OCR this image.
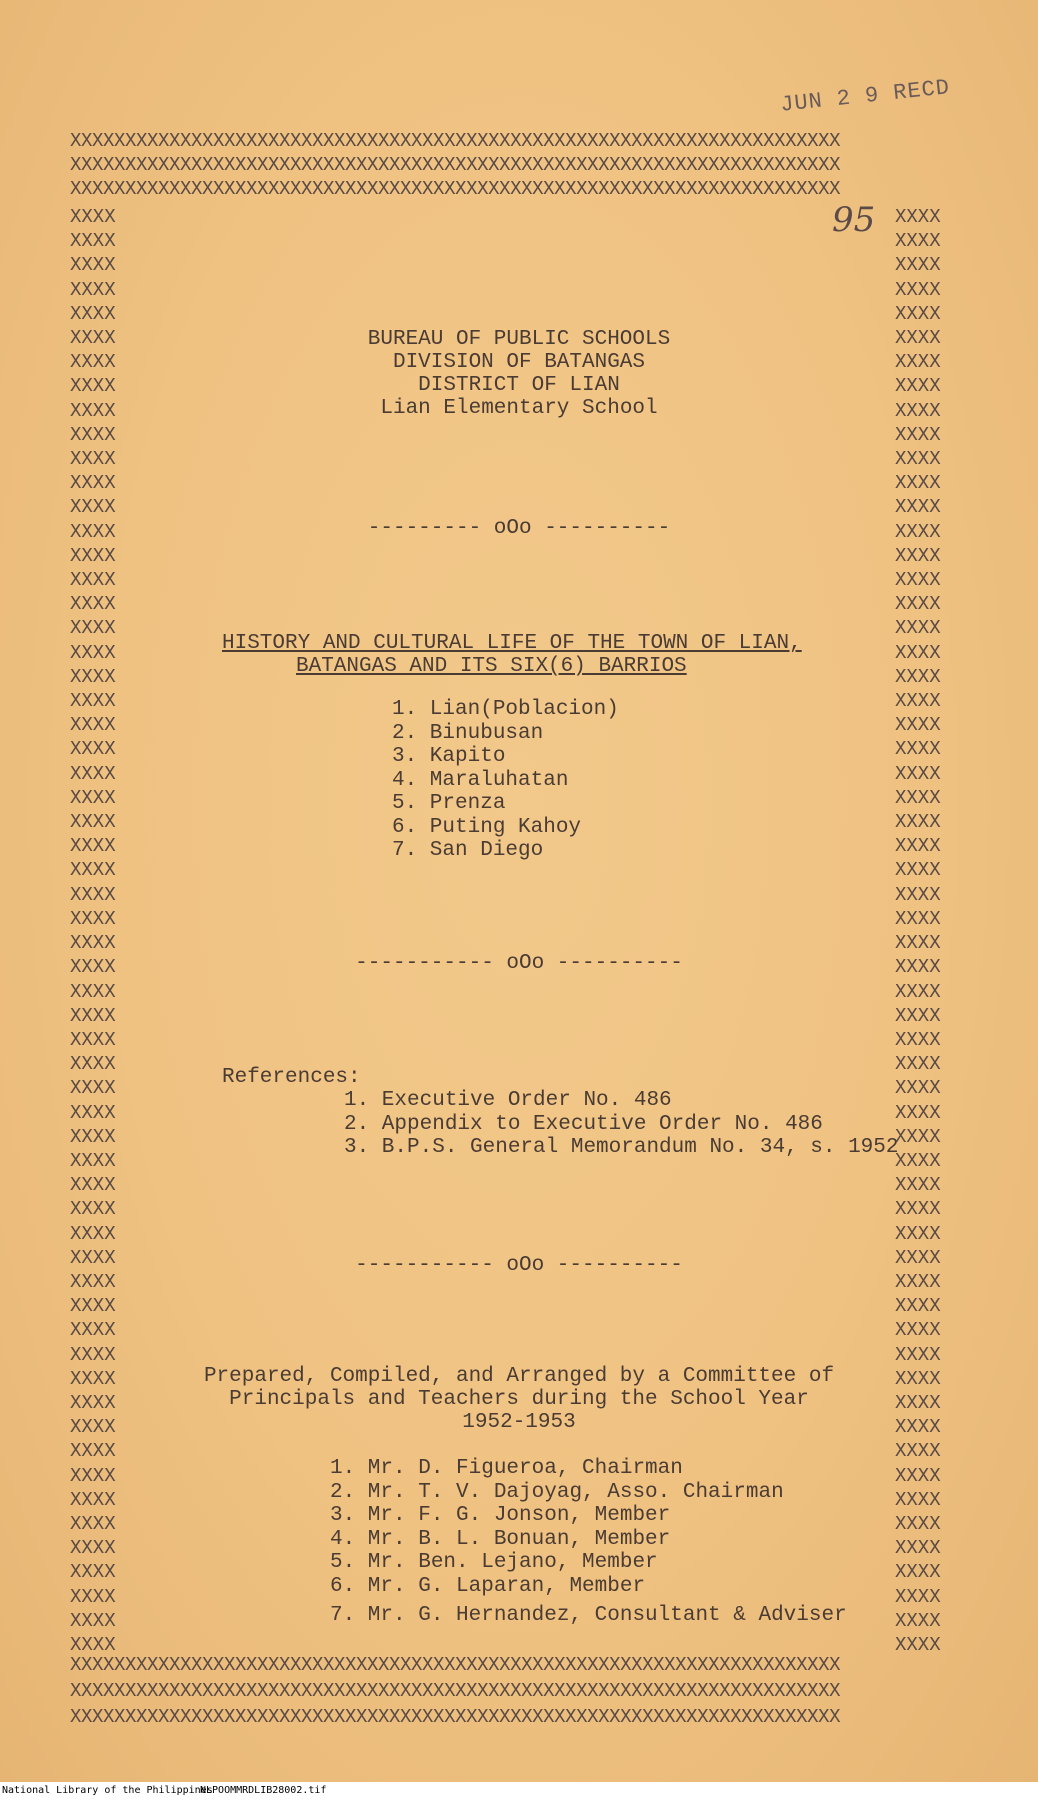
XXXXXXXXXXXXXXXXXXXXXXXXXXXXXXXXXXXXXXXXXXXXXXXXXXXXXXXXXXXXXXXXXXXXXX
XXXXXXXXXXXXXXXXXXXXXXXXXXXXXXXXXXXXXXXXXXXXXXXXXXXXXXXXXXXXXXXXXXXXXX
XXXXXXXXXXXXXXXXXXXXXXXXXXXXXXXXXXXXXXXXXXXXXXXXXXXXXXXXXXXXXXXXXXXXXX
XXXX
XXXX
XXXX
XXXX
XXXX
XXXX
XXXX
XXXX
XXXX
XXXX
XXXX
XXXX
XXXX
XXXX
XXXX
XXXX
XXXX
XXXX
XXXX
XXXX
XXXX
XXXX
XXXX
XXXX
XXXX
XXXX
XXXX
XXXX
XXXX
XXXX
XXXX
XXXX
XXXX
XXXX
XXXX
XXXX
XXXX
XXXX
XXXX
XXXX
XXXX
XXXX
XXXX
XXXX
XXXX
XXXX
XXXX
XXXX
XXXX
XXXX
XXXX
XXXX
XXXX
XXXX
XXXX
XXXX
XXXX
XXXX
XXXX
XXXX
XXXX
XXXX
XXXX
XXXX
XXXX
XXXX
XXXX
XXXX
XXXX
XXXX
XXXX
XXXX
XXXX
XXXX
XXXX
XXXX
XXXX
XXXX
XXXX
XXXX
XXXX
XXXX
XXXX
XXXX
XXXX
XXXX
XXXX
XXXX
XXXX
XXXX
XXXX
XXXX
XXXX
XXXX
XXXX
XXXX
XXXX
XXXX
XXXX
XXXX
XXXX
XXXX
XXXX
XXXX
XXXX
XXXX
XXXX
XXXX
XXXX
XXXX
XXXX
XXXX
XXXX
XXXX
XXXX
XXXX
XXXX
XXXX
XXXX
XXXX
XXXXXXXXXXXXXXXXXXXXXXXXXXXXXXXXXXXXXXXXXXXXXXXXXXXXXXXXXXXXXXXXXXXXXX
XXXXXXXXXXXXXXXXXXXXXXXXXXXXXXXXXXXXXXXXXXXXXXXXXXXXXXXXXXXXXXXXXXXXXX
XXXXXXXXXXXXXXXXXXXXXXXXXXXXXXXXXXXXXXXXXXXXXXXXXXXXXXXXXXXXXXXXXXXXXX
JUN 2 9 RECD
95
BUREAU OF PUBLIC SCHOOLS
DIVISION OF BATANGAS
DISTRICT OF LIAN
Lian Elementary School
--------- oOo ----------
HISTORY AND CULTURAL LIFE OF THE TOWN OF LIAN,
BATANGAS AND ITS SIX(6) BARRIOS
1. Lian(Poblacion)
2. Binubusan
3. Kapito
4. Maraluhatan
5. Prenza
6. Puting Kahoy
7. San Diego
----------- oOo ----------
References:
1. Executive Order No. 486
2. Appendix to Executive Order No. 486
3. B.P.S. General Memorandum No. 34, s. 1952
----------- oOo ----------
Prepared, Compiled, and Arranged by a Committee of
Principals and Teachers during the School Year
1952-1953
1. Mr. D. Figueroa, Chairman
2. Mr. T. V. Dajoyag, Asso. Chairman
3. Mr. F. G. Jonson, Member
4. Mr. B. L. Bonuan, Member
5. Mr. Ben. Lejano, Member
6. Mr. G. Laparan, Member
7. Mr. G. Hernandez, Consultant & Adviser
National Library of the Philippines
NLPOOMMRDLIB28002.tif
